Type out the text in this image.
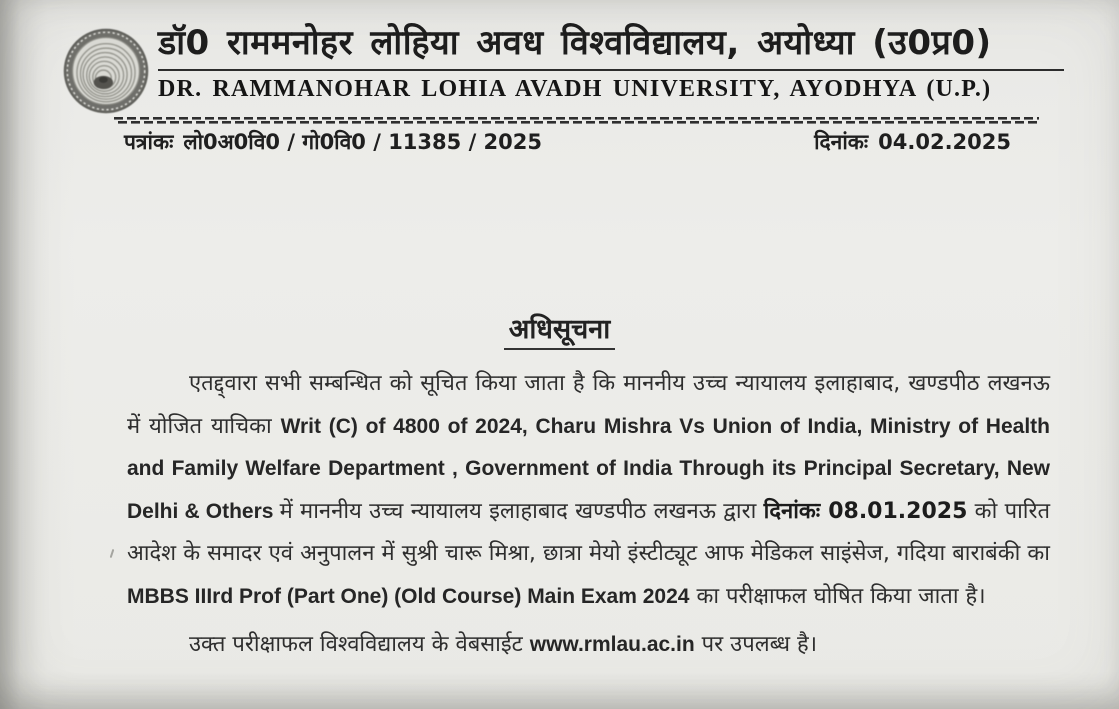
डॉ0 राममनोहर लोहिया अवध विश्वविद्यालय, अयोध्या (उ0प्र0)
DR. RAMMANOHAR LOHIA AVADH UNIVERSITY, AYODHYA (U.P.)
पत्रांकः लो0अ0वि0 / गो0वि0 / 11385 / 2025	दिनांकः 04.02.2025
अधिसूचना

एतद्द्वारा सभी सम्बन्धित को सूचित किया जाता है कि माननीय उच्च न्यायालय इलाहाबाद, खण्डपीठ लखनऊ में योजित याचिका Writ (C) of 4800 of 2024, Charu Mishra Vs Union of India, Ministry of Health and Family Welfare Department , Government of India Through its Principal Secretary, New Delhi & Others में माननीय उच्च न्यायालय इलाहाबाद खण्डपीठ लखनऊ द्वारा दिनांकः 08.01.2025 को पारित आदेश के समादर एवं अनुपालन में सुश्री चारू मिश्रा, छात्रा मेयो इंस्टीट्यूट आफ मेडिकल साइंसेज, गदिया बाराबंकी का MBBS IIIrd Prof (Part One) (Old Course) Main Exam 2024 का परीक्षाफल घोषित किया जाता है।

उक्त परीक्षाफल विश्वविद्यालय के वेबसाईट www.rmlau.ac.in पर उपलब्ध है।
